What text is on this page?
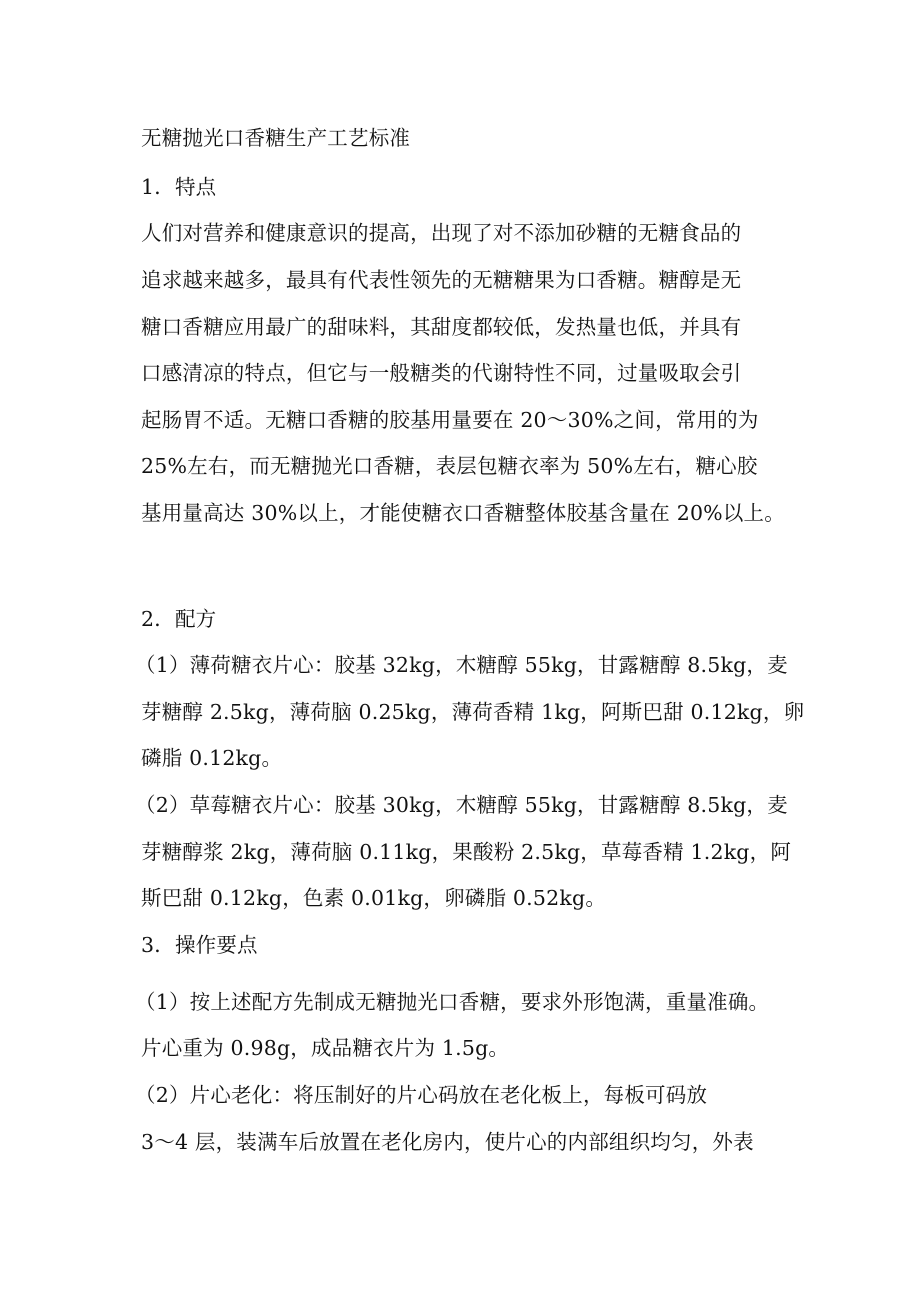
无糖抛光口香糖生产工艺标准
1．特点
人们对营养和健康意识的提高，出现了对不添加砂糖的无糖食品的
追求越来越多，最具有代表性领先的无糖糖果为口香糖。糖醇是无
糖口香糖应用最广的甜味料，其甜度都较低，发热量也低，并具有
口感清凉的特点，但它与一般糖类的代谢特性不同，过量吸取会引
起肠胃不适。无糖口香糖的胶基用量要在 20～30%之间，常用的为
25%左右，而无糖抛光口香糖，表层包糖衣率为 50%左右，糖心胶
基用量高达 30%以上，才能使糖衣口香糖整体胶基含量在 20%以上。
2．配方
（1）薄荷糖衣片心：胶基 32kg，木糖醇 55kg，甘露糖醇 8.5kg，麦
芽糖醇 2.5kg，薄荷脑 0.25kg，薄荷香精 1kg，阿斯巴甜 0.12kg，卵
磷脂 0.12kg。
（2）草莓糖衣片心：胶基 30kg，木糖醇 55kg，甘露糖醇 8.5kg，麦
芽糖醇浆 2kg，薄荷脑 0.11kg，果酸粉 2.5kg，草莓香精 1.2kg，阿
斯巴甜 0.12kg，色素 0.01kg，卵磷脂 0.52kg。
3．操作要点
（1）按上述配方先制成无糖抛光口香糖，要求外形饱满，重量准确。
片心重为 0.98g，成品糖衣片为 1.5g。
（2）片心老化：将压制好的片心码放在老化板上，每板可码放
3～4 层，装满车后放置在老化房内，使片心的内部组织均匀，外表
